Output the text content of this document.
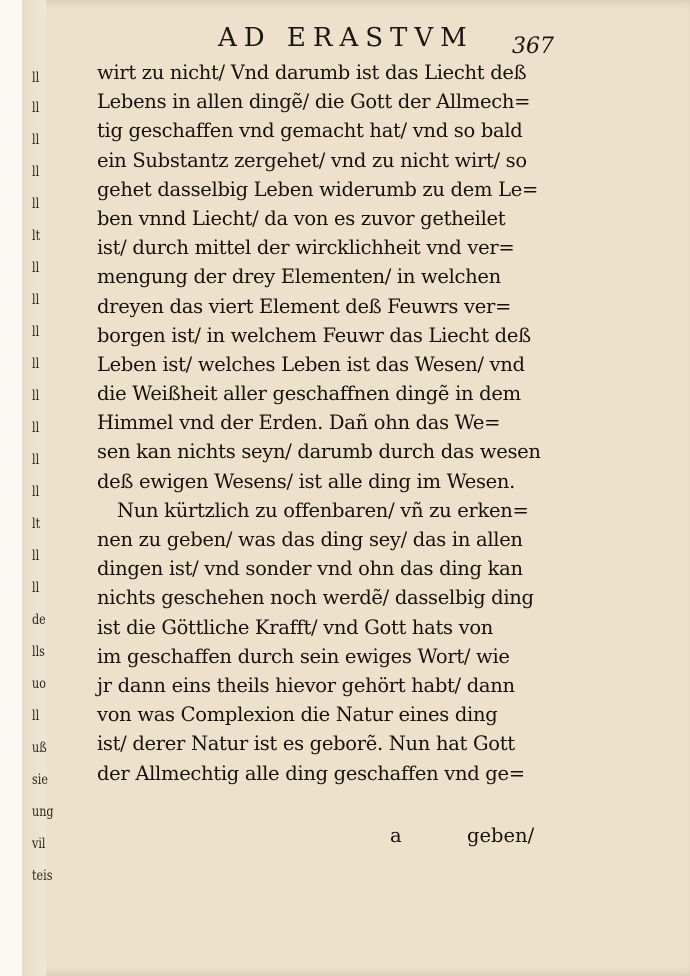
AD ERASTVM	367
ll
ll
ll
ll
ll
lt
ll
ll
ll
ll
ll
ll
ll
ll
lt
ll
ll
de
lls
uo
ll
uß
sie
ung
vil
teis
wirt zu nicht/ Vnd darumb ist das Liecht deß
Lebens in allen dingẽ/ die Gott der Allmech=
tig geschaffen vnd gemacht hat/ vnd so bald
ein Substantz zergehet/ vnd zu nicht wirt/ so
gehet dasselbig Leben widerumb zu dem Le=
ben vnnd Liecht/ da von es zuvor getheilet
ist/ durch mittel der wircklichheit vnd ver=
mengung der drey Elementen/ in welchen
dreyen das viert Element deß Feuwrs ver=
borgen ist/ in welchem Feuwr das Liecht deß
Leben ist/ welches Leben ist das Wesen/ vnd
die Weißheit aller geschaffnen dingẽ in dem
Himmel vnd der Erden. Dañ ohn das We=
sen kan nichts seyn/ darumb durch das wesen
deß ewigen Wesens/ ist alle ding im Wesen.
Nun kürtzlich zu offenbaren/ vñ zu erken=
nen zu geben/ was das ding sey/ das in allen
dingen ist/ vnd sonder vnd ohn das ding kan
nichts geschehen noch werdẽ/ dasselbig ding
ist die Göttliche Krafft/ vnd Gott hats von
im geschaffen durch sein ewiges Wort/ wie
jr dann eins theils hievor gehört habt/ dann
von was Complexion die Natur eines ding
ist/ derer Natur ist es geborẽ. Nun hat Gott
der Allmechtig alle ding geschaffen vnd ge=
a	geben/
